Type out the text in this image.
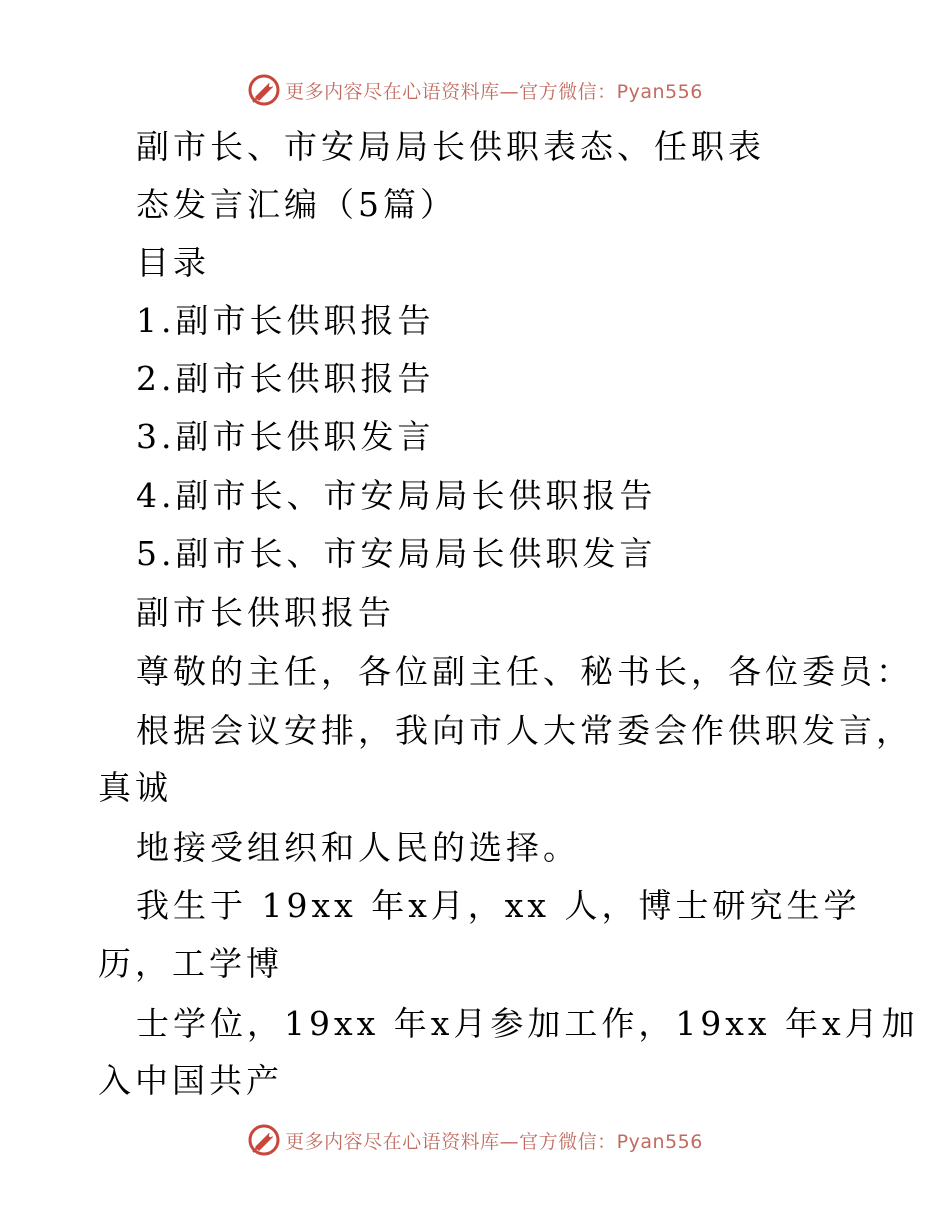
更多内容尽在心语资料库—官方微信：Pyan556
副市长、市安局局长供职表态、任职表
态发言汇编（5篇）
目录
1.副市长供职报告
2.副市长供职报告
3.副市长供职发言
4.副市长、市安局局长供职报告
5.副市长、市安局局长供职发言
副市长供职报告
尊敬的主任，各位副主任、秘书长，各位委员：
根据会议安排，我向市人大常委会作供职发言，
真诚
地接受组织和人民的选择。
我生于 19xx 年x月，xx 人，博士研究生学
历，工学博
士学位，19xx 年x月参加工作，19xx 年x月加
入中国共产
更多内容尽在心语资料库—官方微信：Pyan556
